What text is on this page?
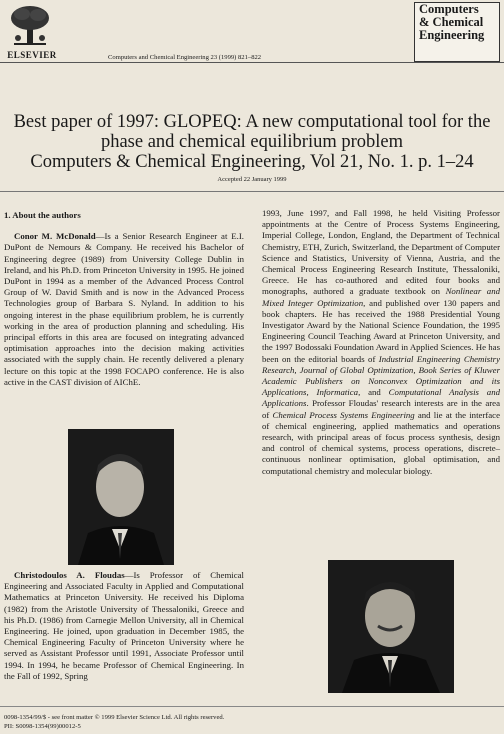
ELSEVIER	Computers and Chemical Engineering 23 (1999) 821–822
Computers
& Chemical
Engineering
Best paper of 1997: GLOPEQ: A new computational tool for the
phase and chemical equilibrium problem
Computers & Chemical Engineering, Vol 21, No. 1. p. 1–24
Accepted 22 January 1999
1. About the authors

Conor M. McDonald—Is a Senior Research Engineer at E.I. DuPont de Nemours & Company. He received his Bachelor of Engineering degree (1989) from University College Dublin in Ireland, and his Ph.D. from Princeton University in 1995. He joined DuPont in 1994 as a member of the Advanced Process Control Group of W. David Smith and is now in the Advanced Process Technologies group of Barbara S. Nyland. In addition to his ongoing interest in the phase equilibrium problem, he is currently working in the area of production planning and scheduling. His principal efforts in this area are focused on integrating advanced optimisation approaches into the decision making activities associated with the supply chain. He recently delivered a plenary lecture on this topic at the 1998 FOCAPO conference. He is also active in the CAST division of AIChE.

Christodoulos A. Floudas—Is Professor of Chemical Engineering and Associated Faculty in Applied and Computational Mathematics at Princeton University. He received his Diploma (1982) from the Aristotle University of Thessaloniki, Greece and his Ph.D. (1986) from Carnegie Mellon University, all in Chemical Engineering. He joined, upon graduation in December 1985, the Chemical Engineering Faculty of Princeton University where he served as Assistant Professor until 1991, Associate Professor until 1994. In 1994, he became Professor of Chemical Engineering. In the Fall of 1992, Spring

1993, June 1997, and Fall 1998, he held Visiting Professor appointments at the Centre of Process Systems Engineering, Imperial College, London, England, the Department of Technical Chemistry, ETH, Zurich, Switzerland, the Department of Computer Science and Statistics, University of Vienna, Austria, and the Chemical Process Engineering Research Institute, Thessaloniki, Greece. He has co-authored and edited four books and monographs, authored a graduate textbook on Nonlinear and Mixed Integer Optimization, and published over 130 papers and book chapters. He has received the 1988 Presidential Young Investigator Award by the National Science Foundation, the 1995 Engineering Council Teaching Award at Princeton University, and the 1997 Bodossaki Foundation Award in Applied Sciences. He has been on the editorial boards of Industrial Engineering Chemistry Research, Journal of Global Optimization, Book Series of Kluwer Academic Publishers on Nonconvex Optimization and its Applications, Informatica, and Computational Analysis and Applications. Professor Floudas' research interests are in the area of Chemical Process Systems Engineering and lie at the interface of chemical engineering, applied mathematics and operations research, with principal areas of focus process synthesis, design and control of chemical systems, process operations, discrete–continuous nonlinear optimisation, global optimisation, and computational chemistry and molecular biology.

0098-1354/99/$ - see front matter © 1999 Elsevier Science Ltd. All rights reserved.
PII: S0098-1354(99)00012-5
